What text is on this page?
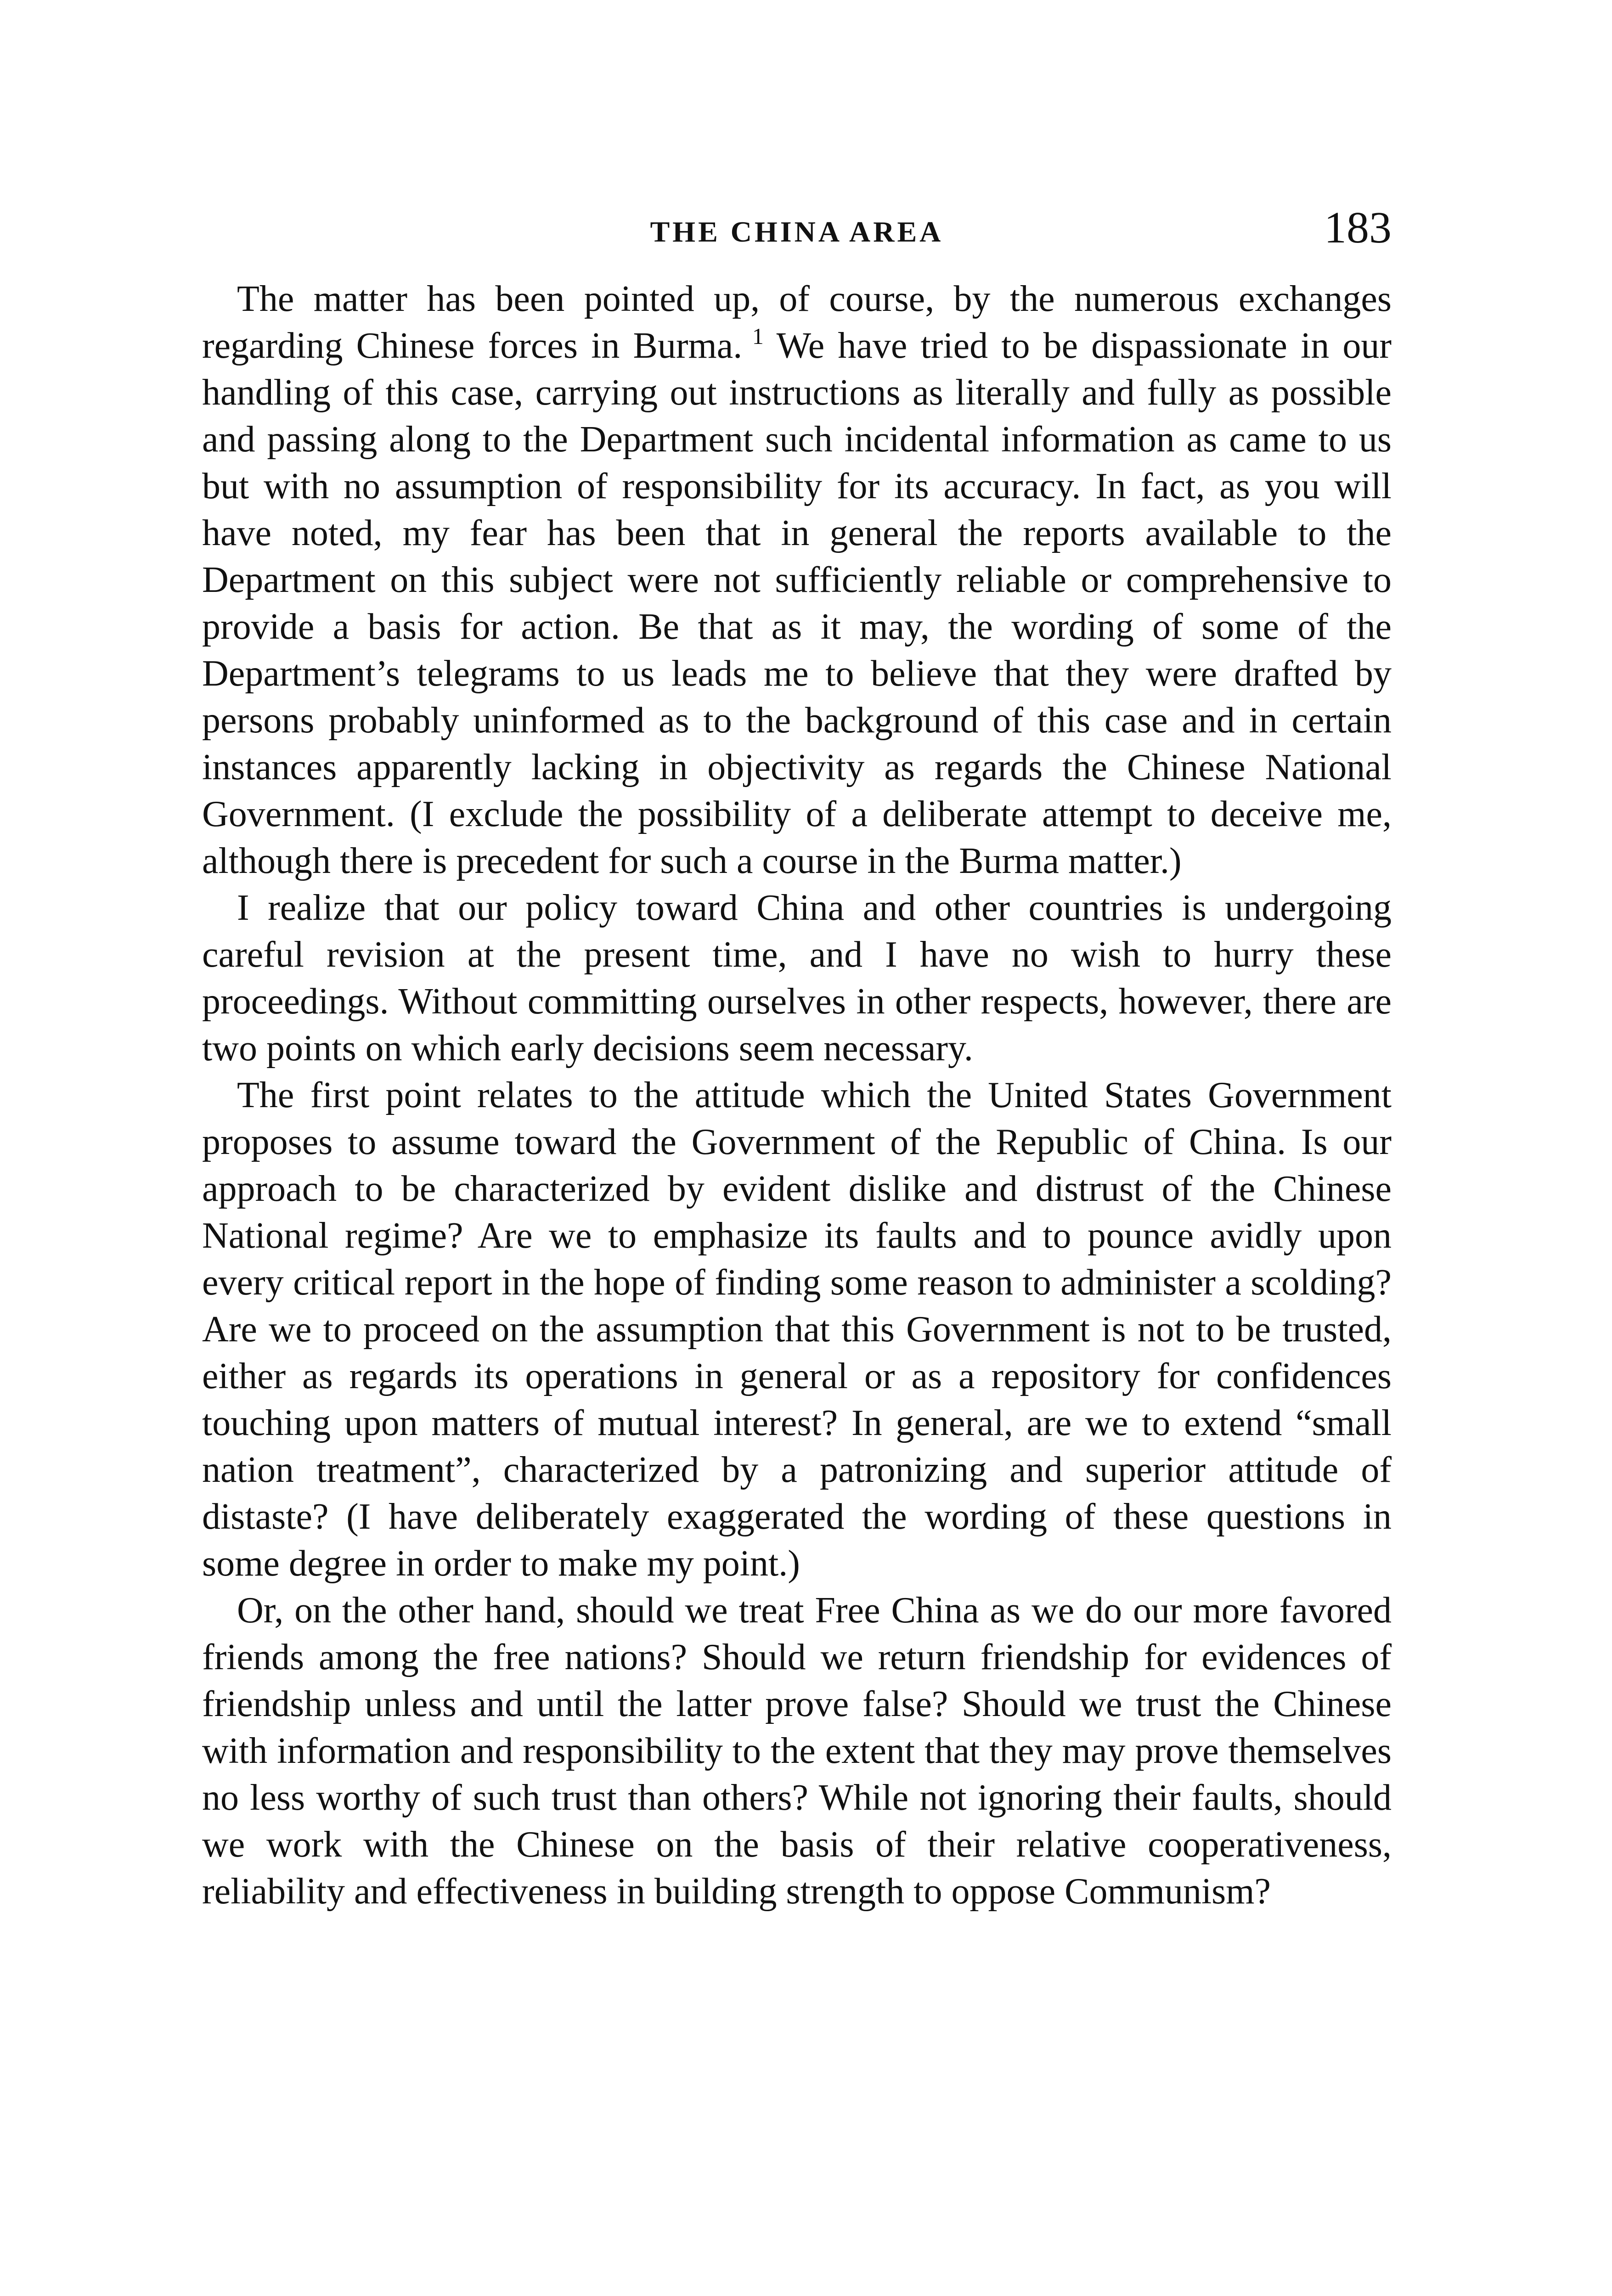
THE CHINA AREA	183

The matter has been pointed up, of course, by the numerous exchanges regarding Chinese forces in Burma. $^1$ We have tried to be dispassionate in our handling of this case, carrying out instructions as literally and fully as possible and passing along to the Department such incidental information as came to us but with no assumption of responsibility for its accuracy. In fact, as you will have noted, my fear has been that in general the reports available to the Department on this subject were not sufficiently reliable or comprehensive to provide a basis for action. Be that as it may, the wording of some of the Department’s telegrams to us leads me to believe that they were drafted by persons probably uninformed as to the background of this case and in certain instances apparently lacking in objectivity as regards the Chinese National Government. (I exclude the possibility of a deliberate attempt to deceive me, although there is precedent for such a course in the Burma matter.)

I realize that our policy toward China and other countries is undergoing careful revision at the present time, and I have no wish to hurry these proceedings. Without committing ourselves in other respects, however, there are two points on which early decisions seem necessary.

The first point relates to the attitude which the United States Government proposes to assume toward the Government of the Republic of China. Is our approach to be characterized by evident dislike and distrust of the Chinese National regime? Are we to emphasize its faults and to pounce avidly upon every critical report in the hope of finding some reason to administer a scolding? Are we to proceed on the assumption that this Government is not to be trusted, either as regards its operations in general or as a repository for confidences touching upon matters of mutual interest? In general, are we to extend “small nation treatment”, characterized by a patronizing and superior attitude of distaste? (I have deliberately exaggerated the wording of these questions in some degree in order to make my point.)

Or, on the other hand, should we treat Free China as we do our more favored friends among the free nations? Should we return friendship for evidences of friendship unless and until the latter prove false? Should we trust the Chinese with information and responsibility to the extent that they may prove themselves no less worthy of such trust than others? While not ignoring their faults, should we work with the Chinese on the basis of their relative cooperativeness, reliability and effectiveness in building strength to oppose Communism?
